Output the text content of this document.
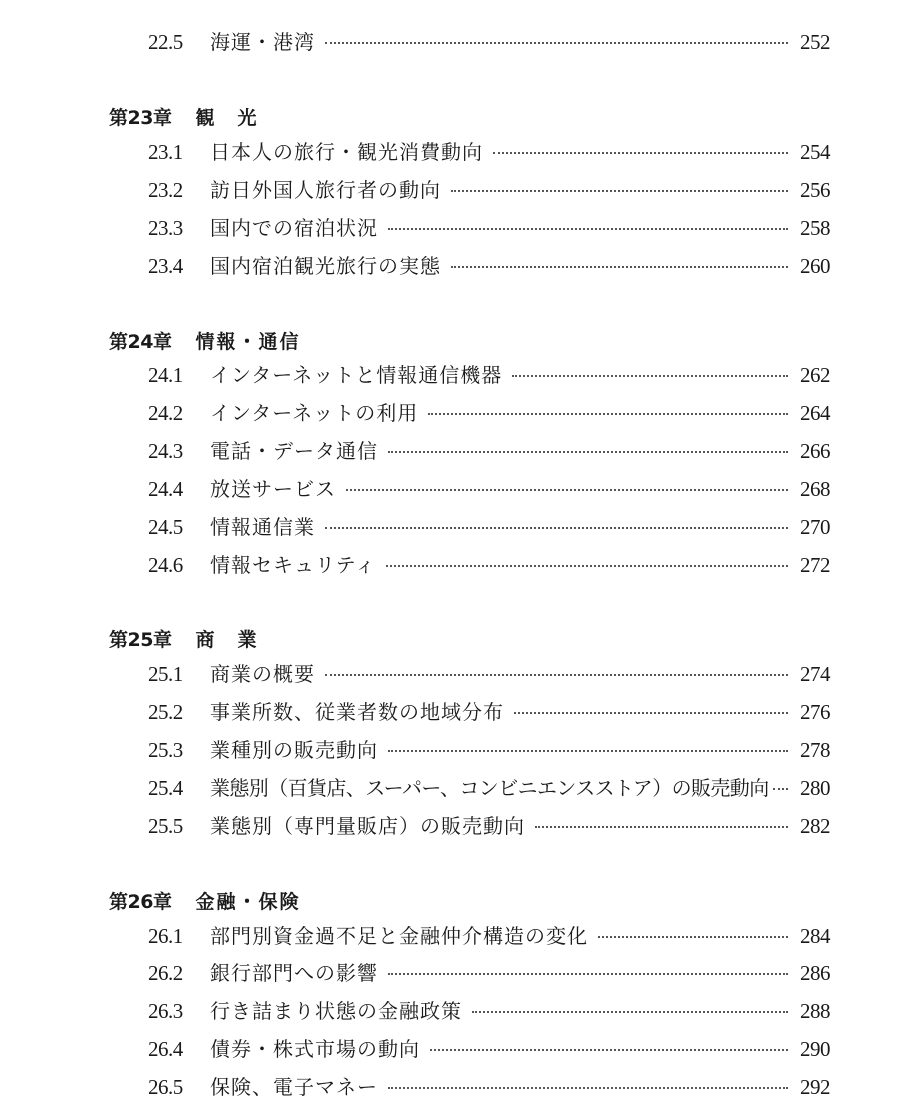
22.5	海運・港湾	252
第23章 観　光
23.1	日本人の旅行・観光消費動向	254
23.2	訪日外国人旅行者の動向	256
23.3	国内での宿泊状況	258
23.4	国内宿泊観光旅行の実態	260
第24章 情報・通信
24.1	インターネットと情報通信機器	262
24.2	インターネットの利用	264
24.3	電話・データ通信	266
24.4	放送サービス	268
24.5	情報通信業	270
24.6	情報セキュリティ	272
第25章 商　業
25.1	商業の概要	274
25.2	事業所数、従業者数の地域分布	276
25.3	業種別の販売動向	278
25.4	業態別（百貨店、スーパー、コンビニエンスストア）の販売動向	280
25.5	業態別（専門量販店）の販売動向	282
第26章 金融・保険
26.1	部門別資金過不足と金融仲介構造の変化	284
26.2	銀行部門への影響	286
26.3	行き詰まり状態の金融政策	288
26.4	債券・株式市場の動向	290
26.5	保険、電子マネー	292
